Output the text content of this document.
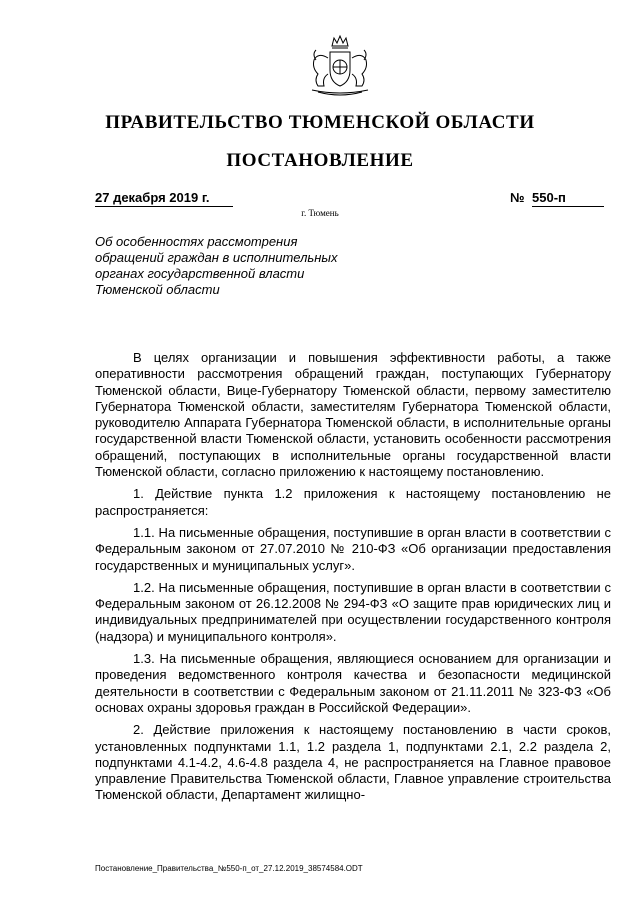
ПРАВИТЕЛЬСТВО ТЮМЕНСКОЙ ОБЛАСТИ
ПОСТАНОВЛЕНИЕ
27 декабря 2019 г.	№ 550-п
г. Тюмень
Об особенностях рассмотрения
обращений граждан в исполнительных
органах государственной власти
Тюменской области

В целях организации и повышения эффективности работы, а также оперативности рассмотрения обращений граждан, поступающих Губернатору Тюменской области, Вице-Губернатору Тюменской области, первому заместителю Губернатора Тюменской области, заместителям Губернатора Тюменской области, руководителю Аппарата Губернатора Тюменской области, в исполнительные органы государственной власти Тюменской области, установить особенности рассмотрения обращений, поступающих в исполнительные органы государственной власти Тюменской области, согласно приложению к настоящему постановлению.

1. Действие пункта 1.2 приложения к настоящему постановлению не распространяется:

1.1. На письменные обращения, поступившие в орган власти в соответствии с Федеральным законом от 27.07.2010 № 210-ФЗ «Об организации предоставления государственных и муниципальных услуг».

1.2. На письменные обращения, поступившие в орган власти в соответствии с Федеральным законом от 26.12.2008 № 294-ФЗ «О защите прав юридических лиц и индивидуальных предпринимателей при осуществлении государственного контроля (надзора) и муниципального контроля».

1.3. На письменные обращения, являющиеся основанием для организации и проведения ведомственного контроля качества и безопасности медицинской деятельности в соответствии с Федеральным законом от 21.11.2011 № 323-ФЗ «Об основах охраны здоровья граждан в Российской Федерации».

2. Действие приложения к настоящему постановлению в части сроков, установленных подпунктами 1.1, 1.2 раздела 1, подпунктами 2.1, 2.2 раздела 2, подпунктами 4.1-4.2, 4.6-4.8 раздела 4, не распространяется на Главное правовое управление Правительства Тюменской области, Главное управление строительства Тюменской области, Департамент жилищно-

Постановление_Правительства_№550-п_от_27.12.2019_38574584.ODT
